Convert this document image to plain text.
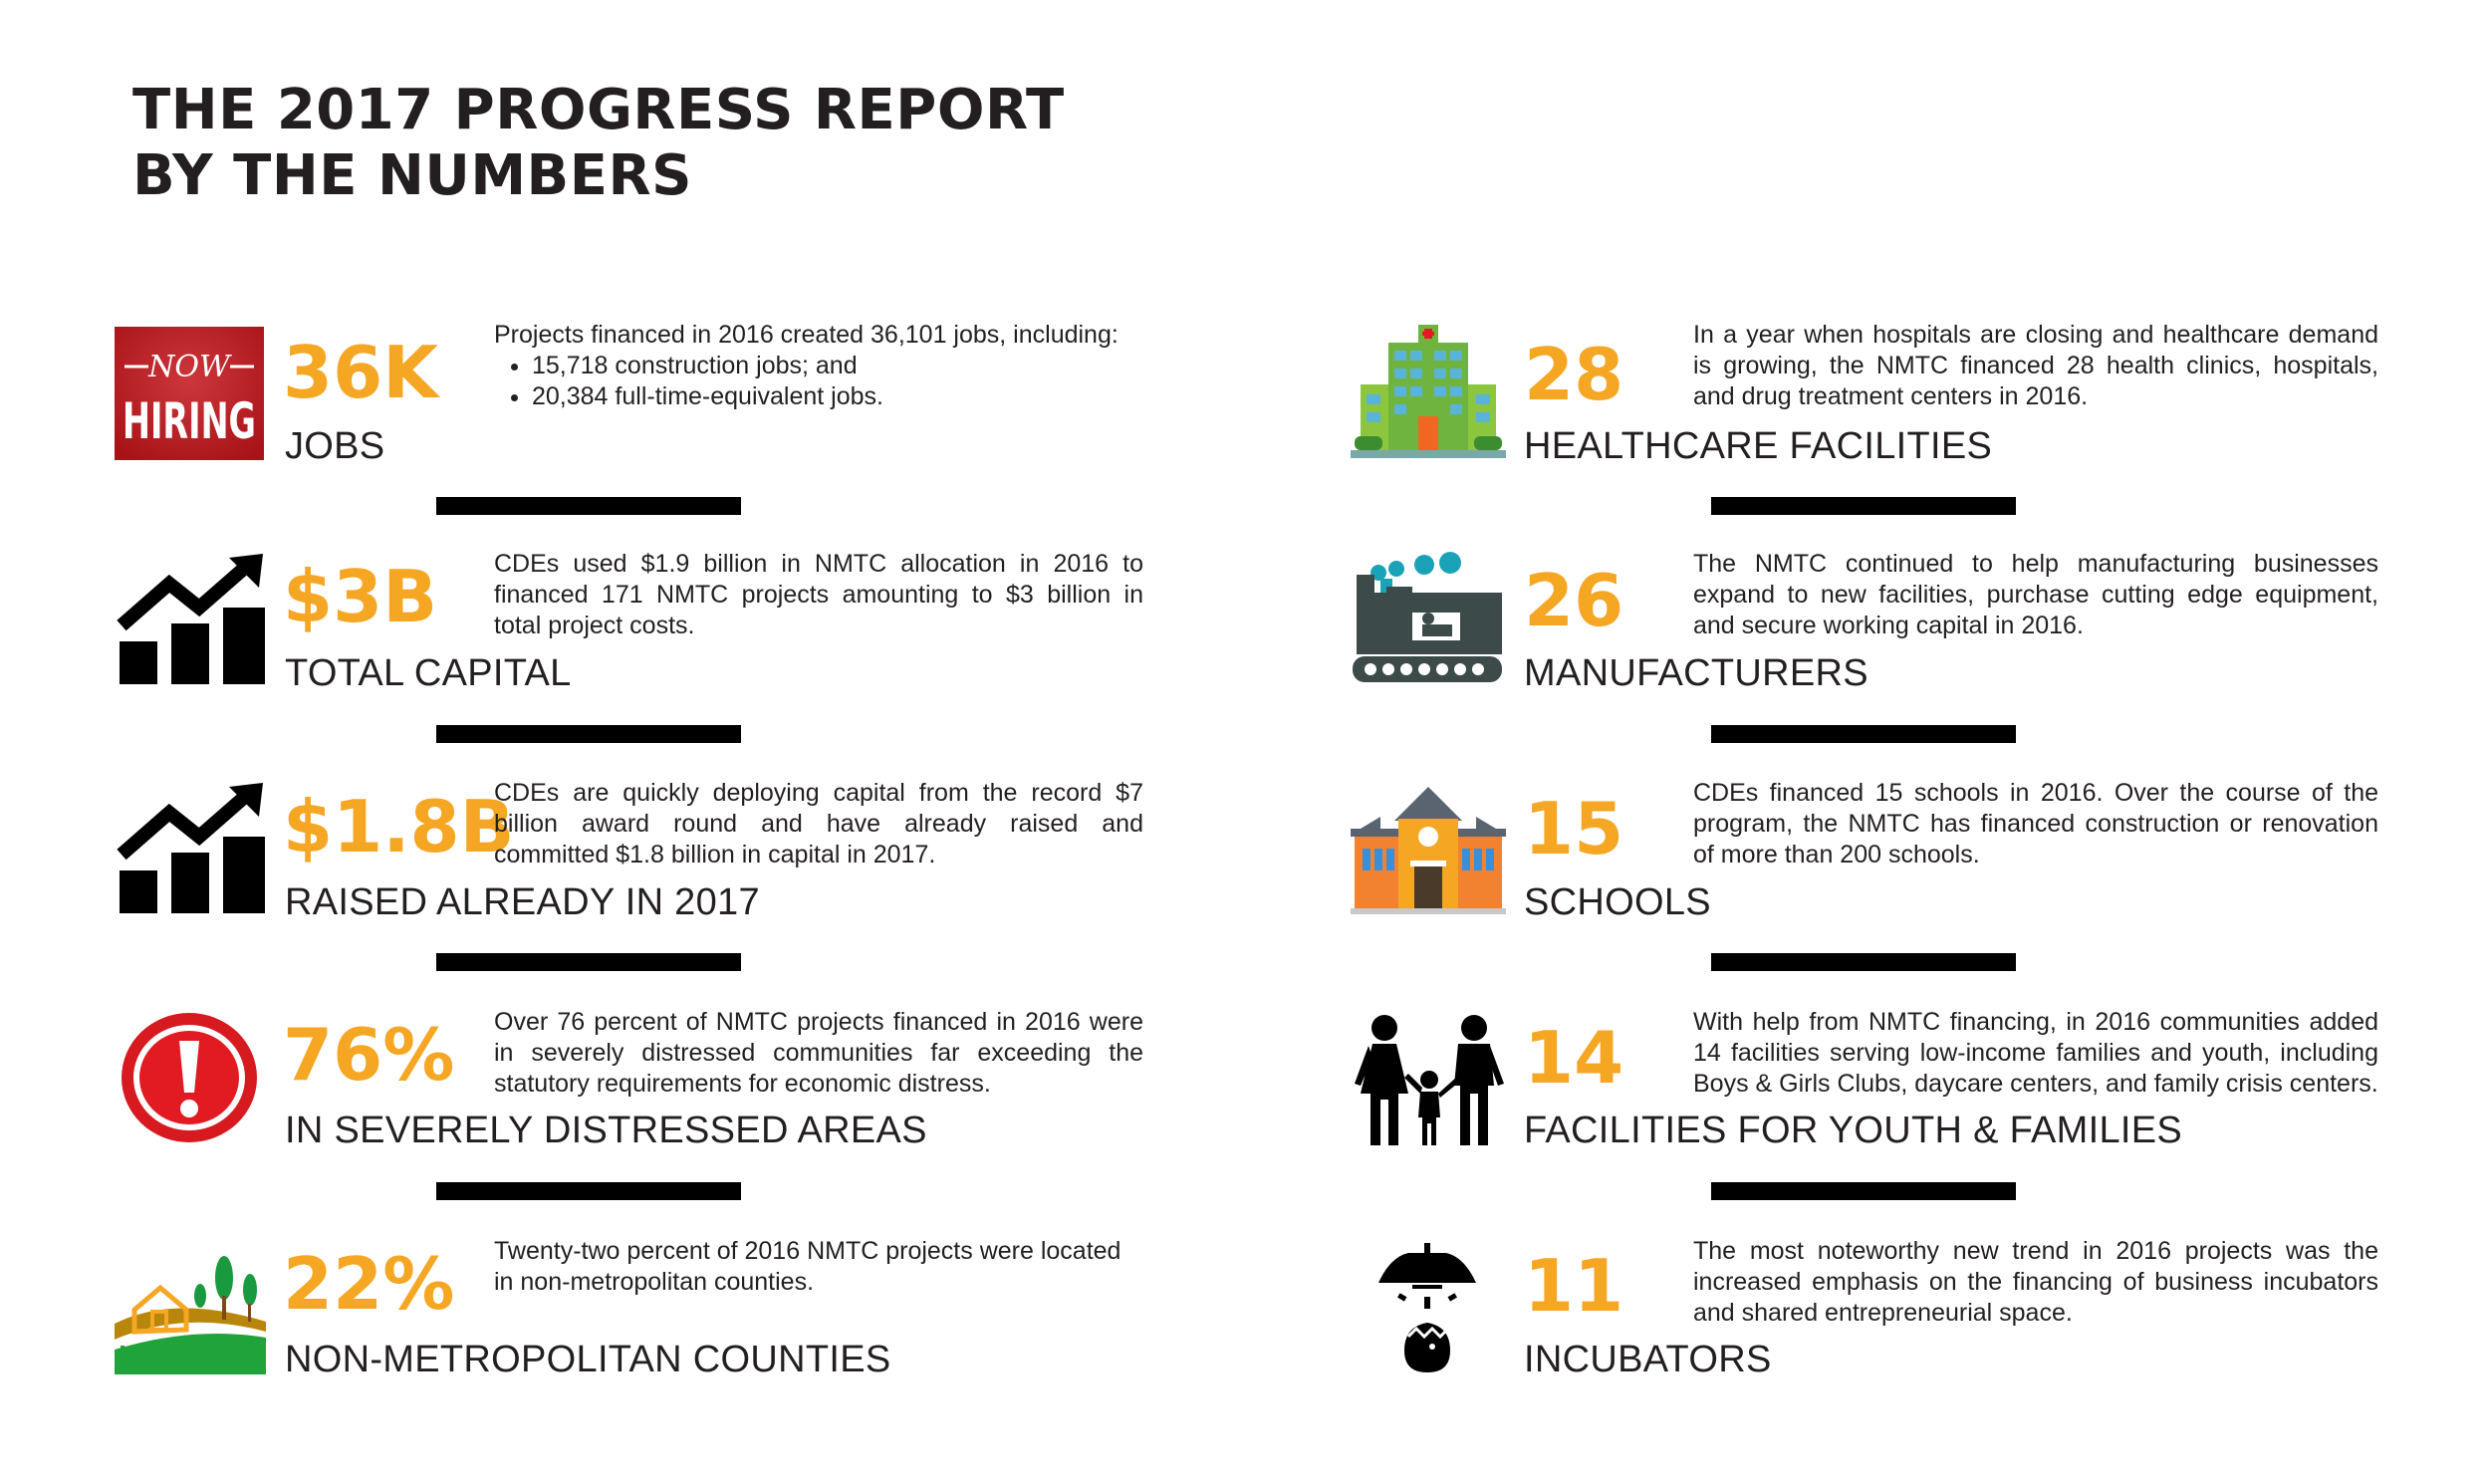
THE 2017 PROGRESS REPORT
BY THE NUMBERS
NOW
HIRING
36K
JOBS
Projects financed in 2016 created 36,101 jobs, including:
• 15,718 construction jobs; and
• 20,384 full-time-equivalent jobs.
$3B
TOTAL CAPITAL

CDEs used $1.9 billion in NMTC allocation in 2016 to financed 171 NMTC projects amounting to $3 billion in total project costs.

$1.8B
RAISED ALREADY IN 2017

CDEs are quickly deploying capital from the record $7 billion award round and have already raised and committed $1.8 billion in capital in 2017.

76%
IN SEVERELY DISTRESSED AREAS

Over 76 percent of NMTC projects financed in 2016 were in severely distressed communities far exceeding the statutory requirements for economic distress.

22%
NON-METROPOLITAN COUNTIES

Twenty-two percent of 2016 NMTC projects were located in non-metropolitan counties.

28
HEALTHCARE FACILITIES

In a year when hospitals are closing and healthcare demand is growing, the NMTC financed 28 health clinics, hospitals, and drug treatment centers in 2016.

26
MANUFACTURERS

The NMTC continued to help manufacturing businesses expand to new facilities, purchase cutting edge equipment, and secure working capital in 2016.

15
SCHOOLS

CDEs financed 15 schools in 2016. Over the course of the program, the NMTC has financed construction or renovation of more than 200 schools.

14
FACILITIES FOR YOUTH & FAMILIES

With help from NMTC financing, in 2016 communities added 14 facilities serving low-income families and youth, including Boys & Girls Clubs, daycare centers, and family crisis centers.

11
INCUBATORS

The most noteworthy new trend in 2016 projects was the increased emphasis on the financing of business incubators and shared entrepreneurial space.
